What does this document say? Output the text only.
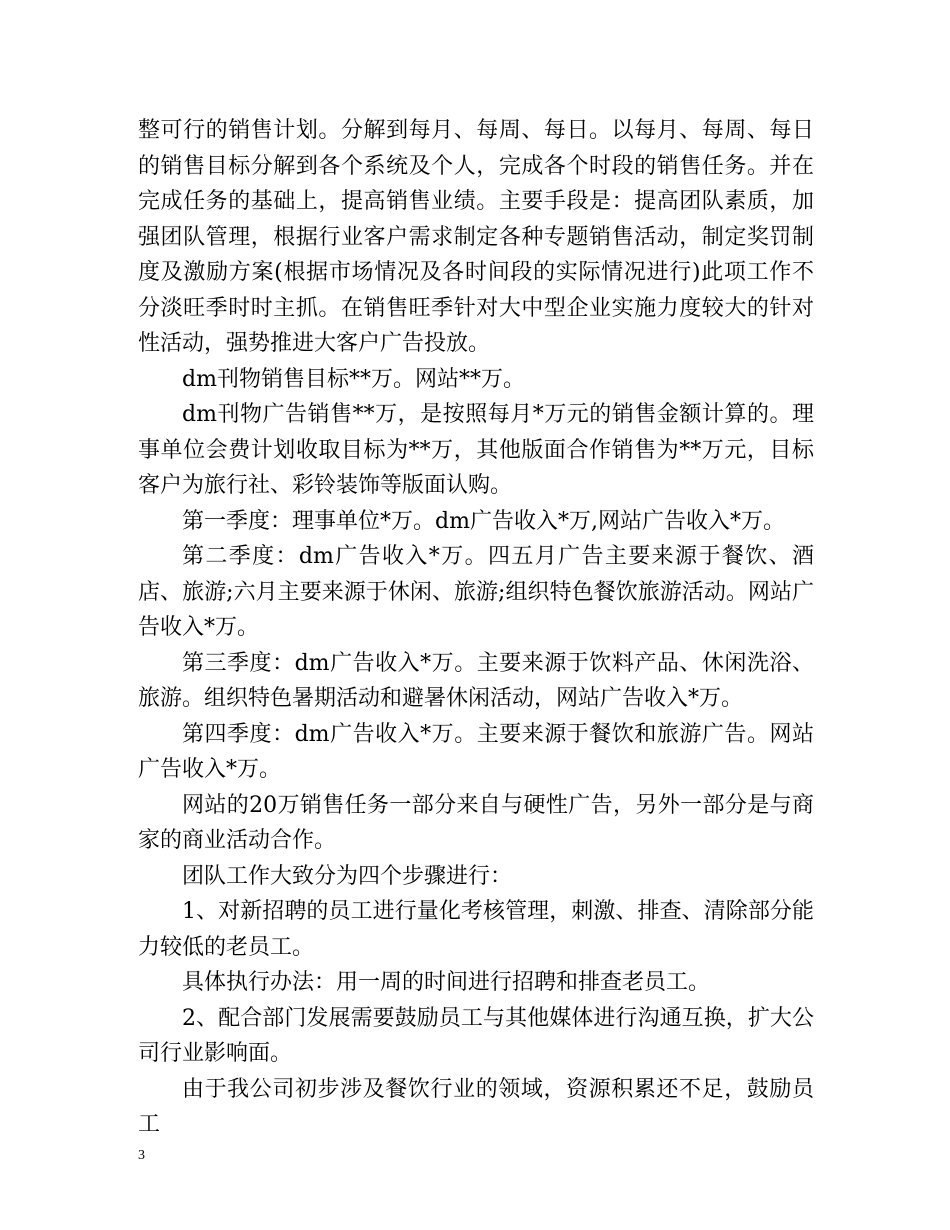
整可行的销售计划。分解到每月、每周、每日。以每月、每周、每日的销售目标分解到各个系统及个人，完成各个时段的销售任务。并在完成任务的基础上，提高销售业绩。主要手段是：提高团队素质，加强团队管理，根据行业客户需求制定各种专题销售活动，制定奖罚制度及激励方案(根据市场情况及各时间段的实际情况进行)此项工作不分淡旺季时时主抓。在销售旺季针对大中型企业实施力度较大的针对性活动，强势推进大客户广告投放。

dm刊物销售目标**万。网站**万。

dm刊物广告销售**万，是按照每月*万元的销售金额计算的。理事单位会费计划收取目标为**万，其他版面合作销售为**万元，目标客户为旅行社、彩铃装饰等版面认购。

第一季度：理事单位*万。dm广告收入*万,网站广告收入*万。

第二季度：dm广告收入*万。四五月广告主要来源于餐饮、酒店、旅游;六月主要来源于休闲、旅游;组织特色餐饮旅游活动。网站广告收入*万。

第三季度：dm广告收入*万。主要来源于饮料产品、休闲洗浴、旅游。组织特色暑期活动和避暑休闲活动，网站广告收入*万。

第四季度：dm广告收入*万。主要来源于餐饮和旅游广告。网站广告收入*万。

网站的20万销售任务一部分来自与硬性广告，另外一部分是与商家的商业活动合作。

团队工作大致分为四个步骤进行：

1、对新招聘的员工进行量化考核管理，刺激、排查、清除部分能力较低的老员工。

具体执行办法：用一周的时间进行招聘和排查老员工。

2、配合部门发展需要鼓励员工与其他媒体进行沟通互换，扩大公司行业影响面。

由于我公司初步涉及餐饮行业的领域，资源积累还不足，鼓励员工

3
